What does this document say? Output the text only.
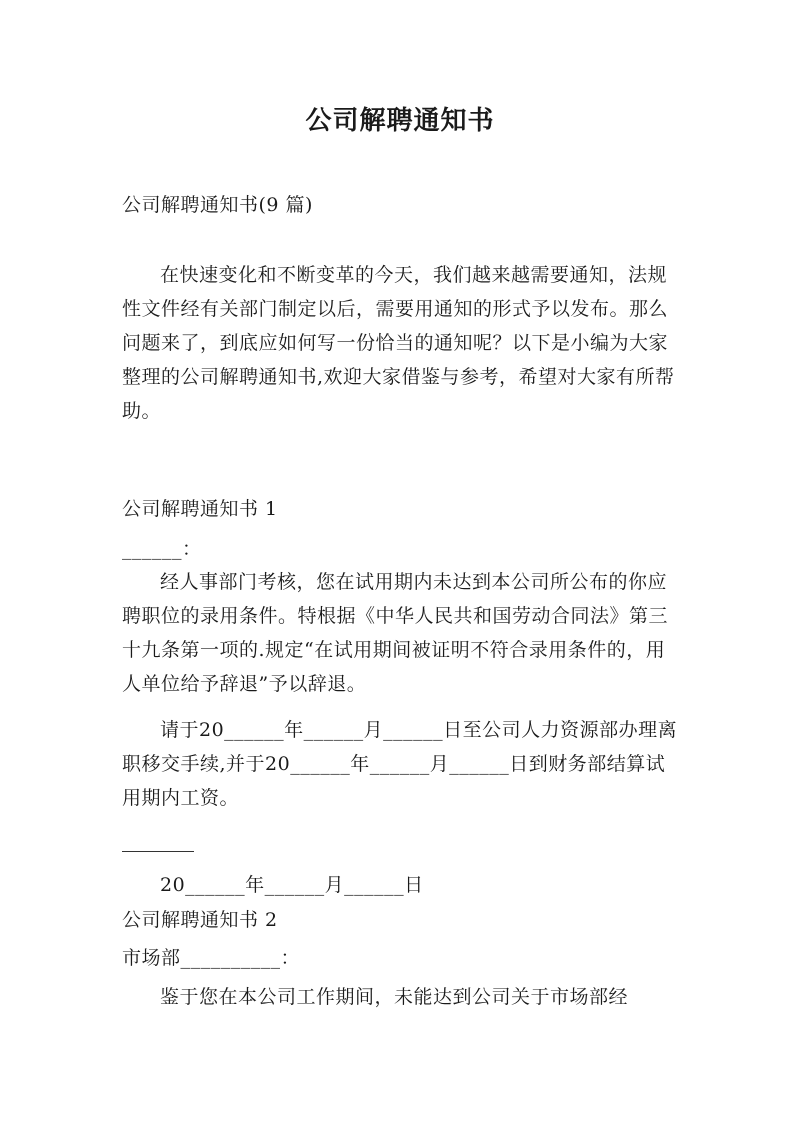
公司解聘通知书
公司解聘通知书(9 篇)
在快速变化和不断变革的今天，我们越来越需要通知，法规性文件经有关部门制定以后，需要用通知的形式予以发布。那么问题来了，到底应如何写一份恰当的通知呢？以下是小编为大家整理的公司解聘通知书,欢迎大家借鉴与参考，希望对大家有所帮助。
公司解聘通知书 1
______：
经人事部门考核，您在试用期内未达到本公司所公布的你应聘职位的录用条件。特根据《中华人民共和国劳动合同法》第三十九条第一项的.规定“在试用期间被证明不符合录用条件的，用人单位给予辞退”予以辞退。
请于20______年______月______日至公司人力资源部办理离职移交手续,并于20______年______月______日到财务部结算试用期内工资。
20______年______月______日
公司解聘通知书 2
市场部__________：
鉴于您在本公司工作期间，未能达到公司关于市场部经
